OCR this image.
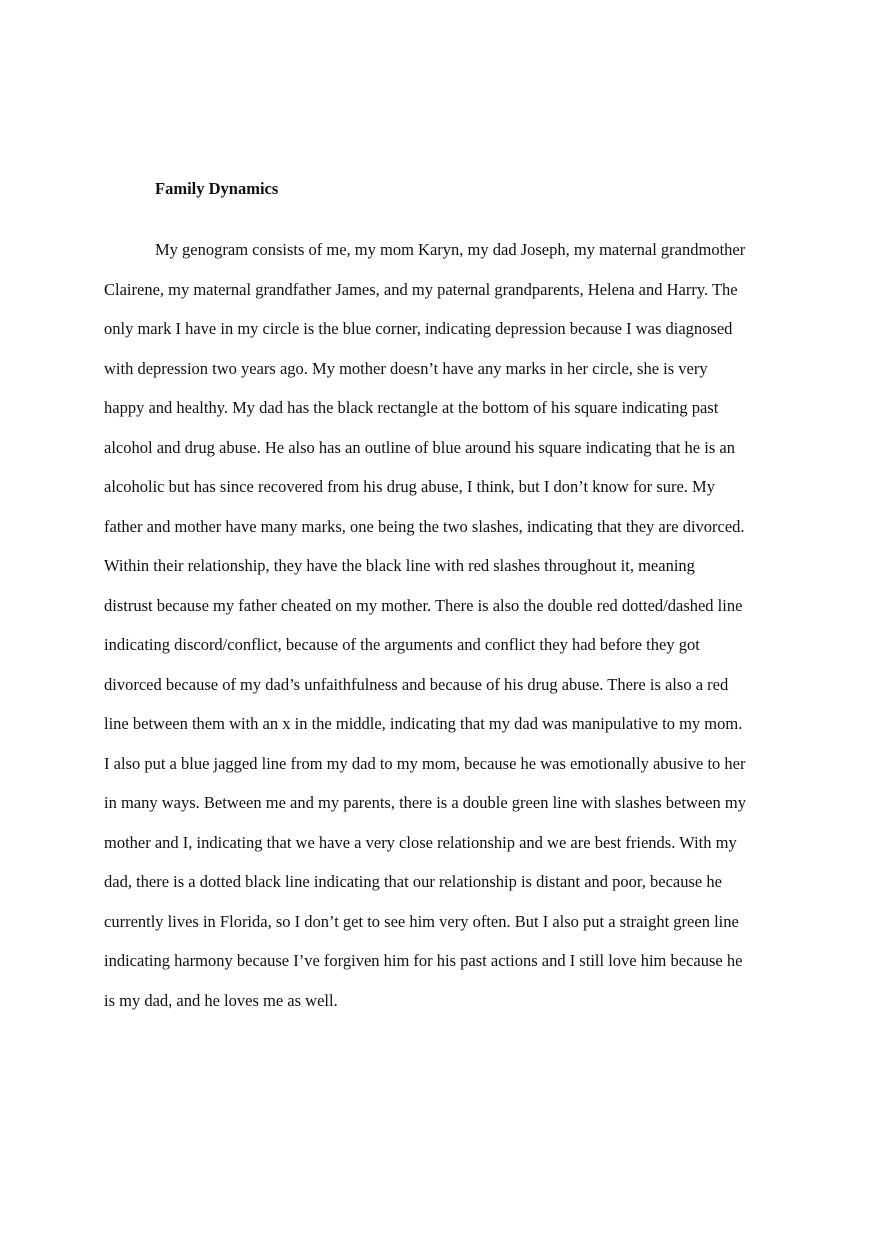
Family Dynamics
My genogram consists of me, my mom Karyn, my dad Joseph, my maternal grandmother
Clairene, my maternal grandfather James, and my paternal grandparents, Helena and Harry. The
only mark I have in my circle is the blue corner, indicating depression because I was diagnosed
with depression two years ago. My mother doesn’t have any marks in her circle, she is very
happy and healthy. My dad has the black rectangle at the bottom of his square indicating past
alcohol and drug abuse. He also has an outline of blue around his square indicating that he is an
alcoholic but has since recovered from his drug abuse, I think, but I don’t know for sure. My
father and mother have many marks, one being the two slashes, indicating that they are divorced.
Within their relationship, they have the black line with red slashes throughout it, meaning
distrust because my father cheated on my mother. There is also the double red dotted/dashed line
indicating discord/conflict, because of the arguments and conflict they had before they got
divorced because of my dad’s unfaithfulness and because of his drug abuse. There is also a red
line between them with an x in the middle, indicating that my dad was manipulative to my mom.
I also put a blue jagged line from my dad to my mom, because he was emotionally abusive to her
in many ways. Between me and my parents, there is a double green line with slashes between my
mother and I, indicating that we have a very close relationship and we are best friends. With my
dad, there is a dotted black line indicating that our relationship is distant and poor, because he
currently lives in Florida, so I don’t get to see him very often. But I also put a straight green line
indicating harmony because I’ve forgiven him for his past actions and I still love him because he
is my dad, and he loves me as well.
